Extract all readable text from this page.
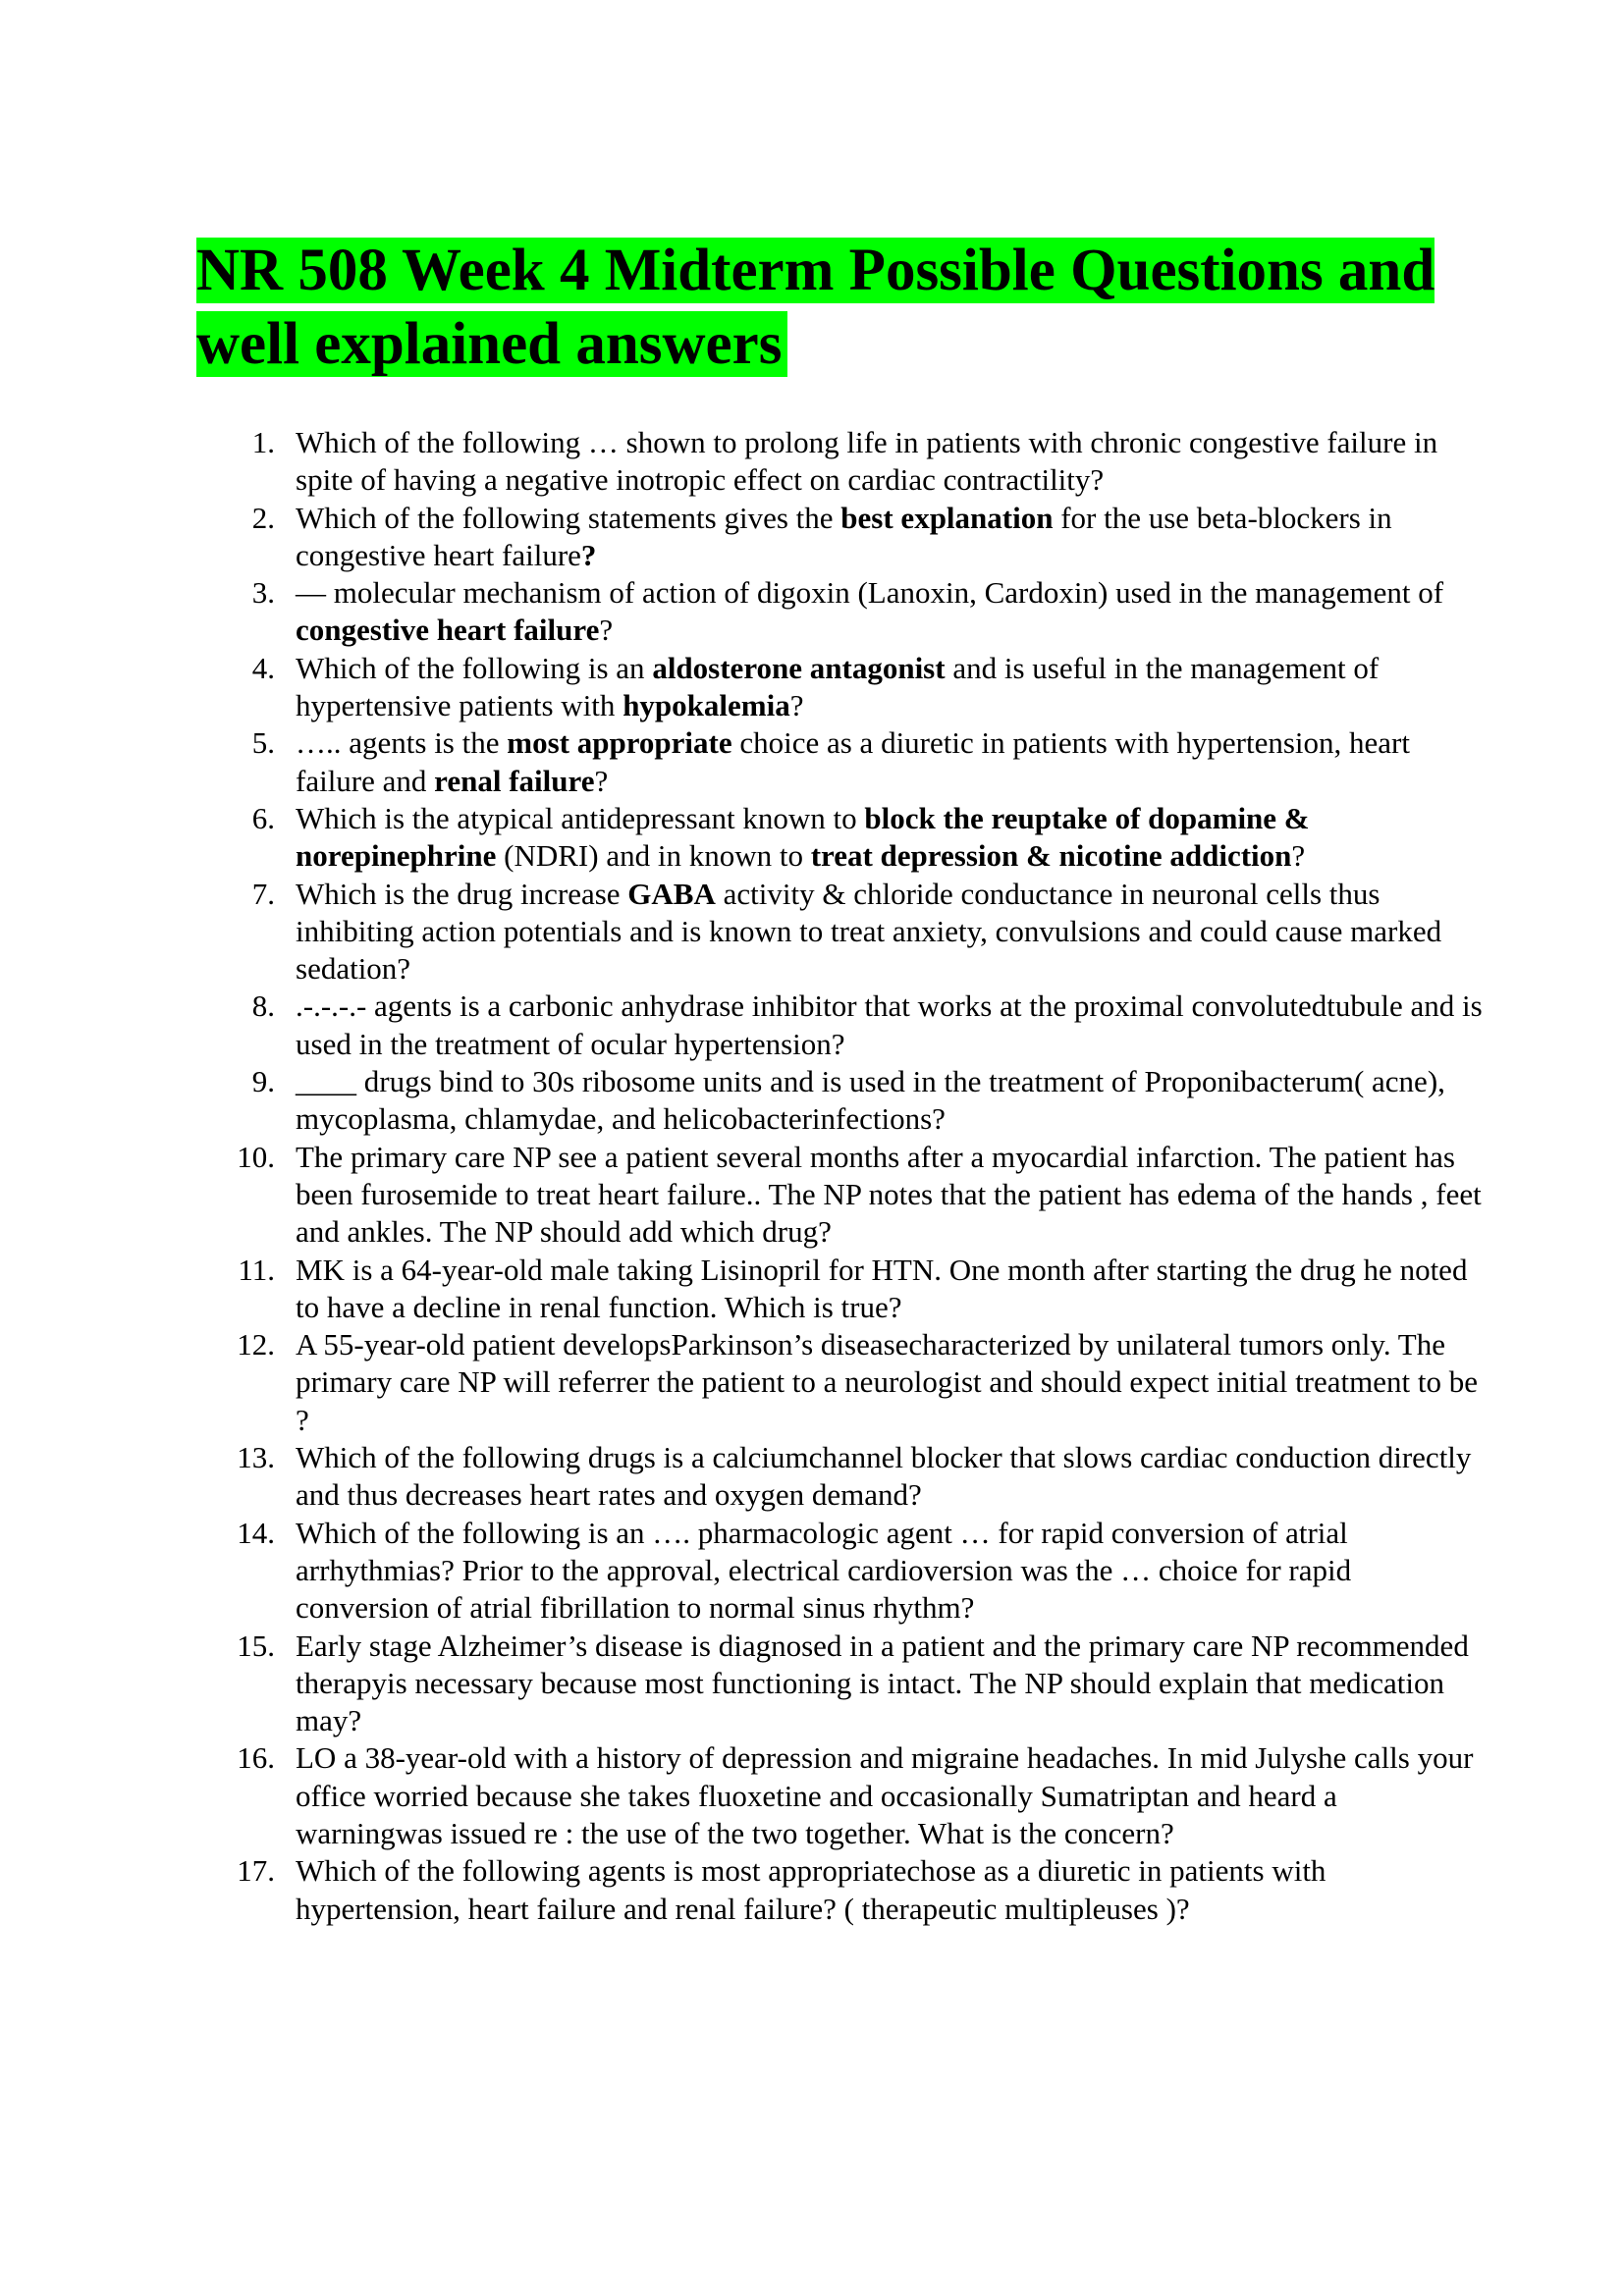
NR 508 Week 4 Midterm Possible Questions and well explained answers
1. Which of the following … shown to prolong life in patients with chronic congestive failure in spite of having a negative inotropic effect on cardiac contractility?
2. Which of the following statements gives the best explanation for the use beta-blockers in congestive heart failure?
3. — molecular mechanism of action of digoxin (Lanoxin, Cardoxin) used in the management of congestive heart failure?
4. Which of the following is an aldosterone antagonist and is useful in the management of hypertensive patients with hypokalemia?
5. ….. agents is the most appropriate choice as a diuretic in patients with hypertension, heart failure and renal failure?
6. Which is the atypical antidepressant known to block the reuptake of dopamine & norepinephrine (NDRI) and in known to treat depression & nicotine addiction?
7. Which is the drug increase GABA activity & chloride conductance in neuronal cells thus inhibiting action potentials and is known to treat anxiety, convulsions and could cause marked sedation?
8. .-.-.-.- agents is a carbonic anhydrase inhibitor that works at the proximal convolutedtubule and is used in the treatment of ocular hypertension?
9. ____ drugs bind to 30s ribosome units and is used in the treatment of Proponibacterum( acne), mycoplasma, chlamydae, and helicobacterinfections?
10. The primary care NP see a patient several months after a myocardial infarction. The patient has been furosemide to treat heart failure.. The NP notes that the patient has edema of the hands , feet and ankles. The NP should add which drug?
11. MK is a 64-year-old male taking Lisinopril for HTN. One month after starting the drug he noted to have a decline in renal function. Which is true?
12. A 55-year-old patient developsParkinson’s diseasecharacterized by unilateral tumors only. The primary care NP will referrer the patient to a neurologist and should expect initial treatment to be ?
13. Which of the following drugs is a calciumchannel blocker that slows cardiac conduction directly and thus decreases heart rates and oxygen demand?
14. Which of the following is an …. pharmacologic agent … for rapid conversion of atrial arrhythmias? Prior to the approval, electrical cardioversion was the … choice for rapid conversion of atrial fibrillation to normal sinus rhythm?
15. Early stage Alzheimer’s disease is diagnosed in a patient and the primary care NP recommended therapyis necessary because most functioning is intact. The NP should explain that medication may?
16. LO a 38-year-old with a history of depression and migraine headaches. In mid Julyshe calls your office worried because she takes fluoxetine and occasionally Sumatriptan and heard a warningwas issued re : the use of the two together. What is the concern?
17. Which of the following agents is most appropriatechose as a diuretic in patients with hypertension, heart failure and renal failure? ( therapeutic multipleuses )?
